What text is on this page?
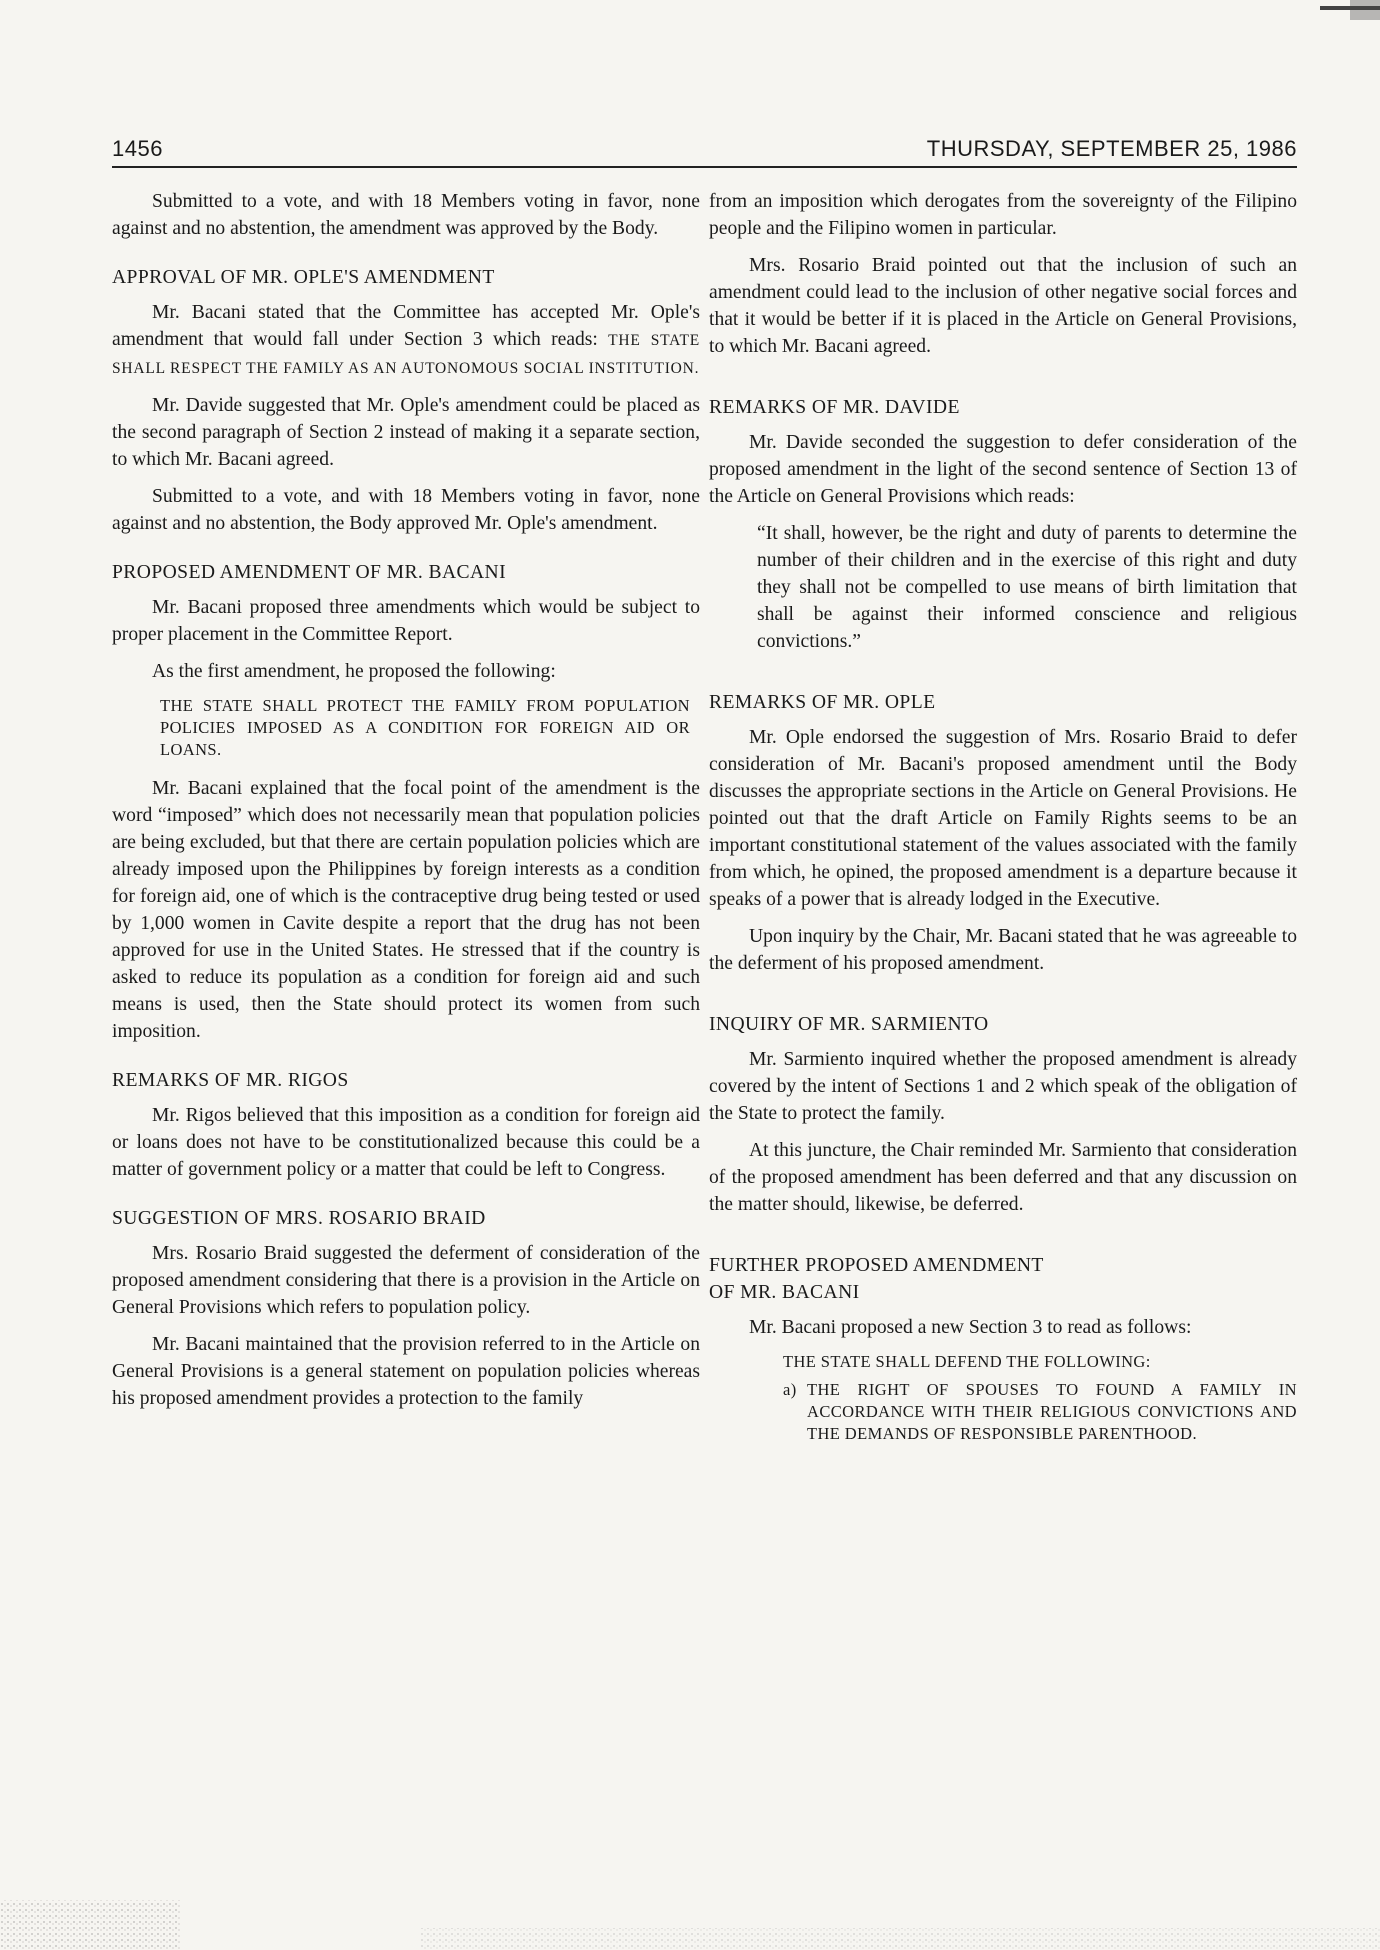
1456	THURSDAY, SEPTEMBER 25, 1986

Submitted to a vote, and with 18 Members voting in favor, none against and no abstention, the amendment was approved by the Body.

APPROVAL OF MR. OPLE'S AMENDMENT

Mr. Bacani stated that the Committee has accepted Mr. Ople's amendment that would fall under Section 3 which reads: THE STATE SHALL RESPECT THE FAMILY AS AN AUTONOMOUS SOCIAL INSTITUTION.

Mr. Davide suggested that Mr. Ople's amendment could be placed as the second paragraph of Section 2 instead of making it a separate section, to which Mr. Bacani agreed.

Submitted to a vote, and with 18 Members voting in favor, none against and no abstention, the Body approved Mr. Ople's amendment.

PROPOSED AMENDMENT OF MR. BACANI

Mr. Bacani proposed three amendments which would be subject to proper placement in the Committee Report.

As the first amendment, he proposed the following:

THE STATE SHALL PROTECT THE FAMILY FROM POPULATION POLICIES IMPOSED AS A CONDITION FOR FOREIGN AID OR LOANS.

Mr. Bacani explained that the focal point of the amendment is the word “imposed” which does not necessarily mean that population policies are being excluded, but that there are certain population policies which are already imposed upon the Philippines by foreign interests as a condition for foreign aid, one of which is the contraceptive drug being tested or used by 1,000 women in Cavite despite a report that the drug has not been approved for use in the United States. He stressed that if the country is asked to reduce its population as a condition for foreign aid and such means is used, then the State should protect its women from such imposition.

REMARKS OF MR. RIGOS

Mr. Rigos believed that this imposition as a condition for foreign aid or loans does not have to be constitutionalized because this could be a matter of government policy or a matter that could be left to Congress.

SUGGESTION OF MRS. ROSARIO BRAID

Mrs. Rosario Braid suggested the deferment of consideration of the proposed amendment considering that there is a provision in the Article on General Provisions which refers to population policy.

Mr. Bacani maintained that the provision referred to in the Article on General Provisions is a general statement on population policies whereas his proposed amendment provides a protection to the family

from an imposition which derogates from the sovereignty of the Filipino people and the Filipino women in particular.

Mrs. Rosario Braid pointed out that the inclusion of such an amendment could lead to the inclusion of other negative social forces and that it would be better if it is placed in the Article on General Provisions, to which Mr. Bacani agreed.

REMARKS OF MR. DAVIDE

Mr. Davide seconded the suggestion to defer consideration of the proposed amendment in the light of the second sentence of Section 13 of the Article on General Provisions which reads:

“It shall, however, be the right and duty of parents to determine the number of their children and in the exercise of this right and duty they shall not be compelled to use means of birth limitation that shall be against their informed conscience and religious convictions.”
REMARKS OF MR. OPLE

Mr. Ople endorsed the suggestion of Mrs. Rosario Braid to defer consideration of Mr. Bacani's proposed amendment until the Body discusses the appropriate sections in the Article on General Provisions. He pointed out that the draft Article on Family Rights seems to be an important constitutional statement of the values associated with the family from which, he opined, the proposed amendment is a departure because it speaks of a power that is already lodged in the Executive.

Upon inquiry by the Chair, Mr. Bacani stated that he was agreeable to the deferment of his proposed amendment.

INQUIRY OF MR. SARMIENTO

Mr. Sarmiento inquired whether the proposed amendment is already covered by the intent of Sections 1 and 2 which speak of the obligation of the State to protect the family.

At this juncture, the Chair reminded Mr. Sarmiento that consideration of the proposed amendment has been deferred and that any discussion on the matter should, likewise, be deferred.

FURTHER PROPOSED AMENDMENT
OF MR. BACANI

Mr. Bacani proposed a new Section 3 to read as follows:

THE STATE SHALL DEFEND THE FOLLOWING:
a) THE RIGHT OF SPOUSES TO FOUND A FAMILY IN ACCORDANCE WITH THEIR RELIGIOUS CONVICTIONS AND THE DEMANDS OF RESPONSIBLE PARENTHOOD.
